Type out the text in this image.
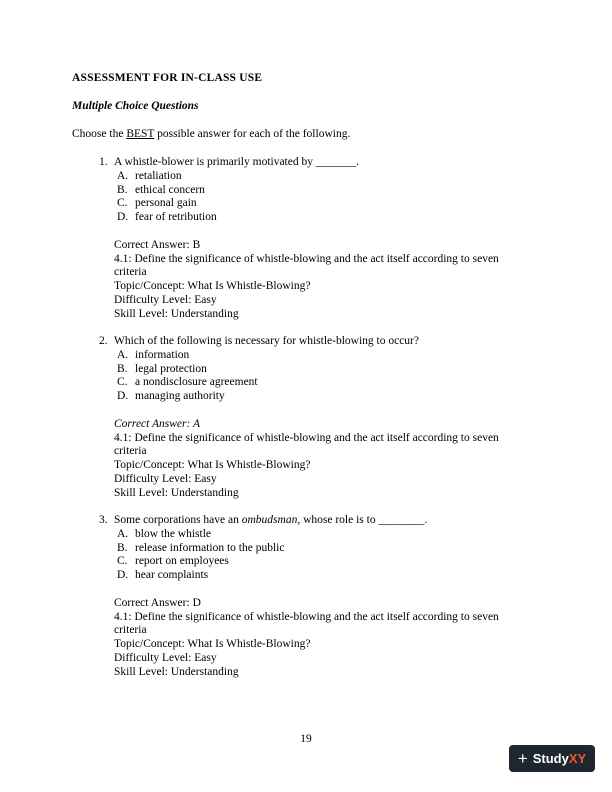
ASSESSMENT FOR IN-CLASS USE
Multiple Choice Questions
Choose the BEST possible answer for each of the following.
1. A whistle-blower is primarily motivated by _______.
A. retaliation
B. ethical concern
C. personal gain
D. fear of retribution
Correct Answer: B
4.1: Define the significance of whistle-blowing and the act itself according to seven
criteria
Topic/Concept: What Is Whistle-Blowing?
Difficulty Level: Easy
Skill Level: Understanding
2. Which of the following is necessary for whistle-blowing to occur?
A. information
B. legal protection
C. a nondisclosure agreement
D. managing authority
Correct Answer: A
4.1: Define the significance of whistle-blowing and the act itself according to seven
criteria
Topic/Concept: What Is Whistle-Blowing?
Difficulty Level: Easy
Skill Level: Understanding
3. Some corporations have an ombudsman, whose role is to ________.
A. blow the whistle
B. release information to the public
C. report on employees
D. hear complaints
Correct Answer: D
4.1: Define the significance of whistle-blowing and the act itself according to seven
criteria
Topic/Concept: What Is Whistle-Blowing?
Difficulty Level: Easy
Skill Level: Understanding
19
+ Study XY
